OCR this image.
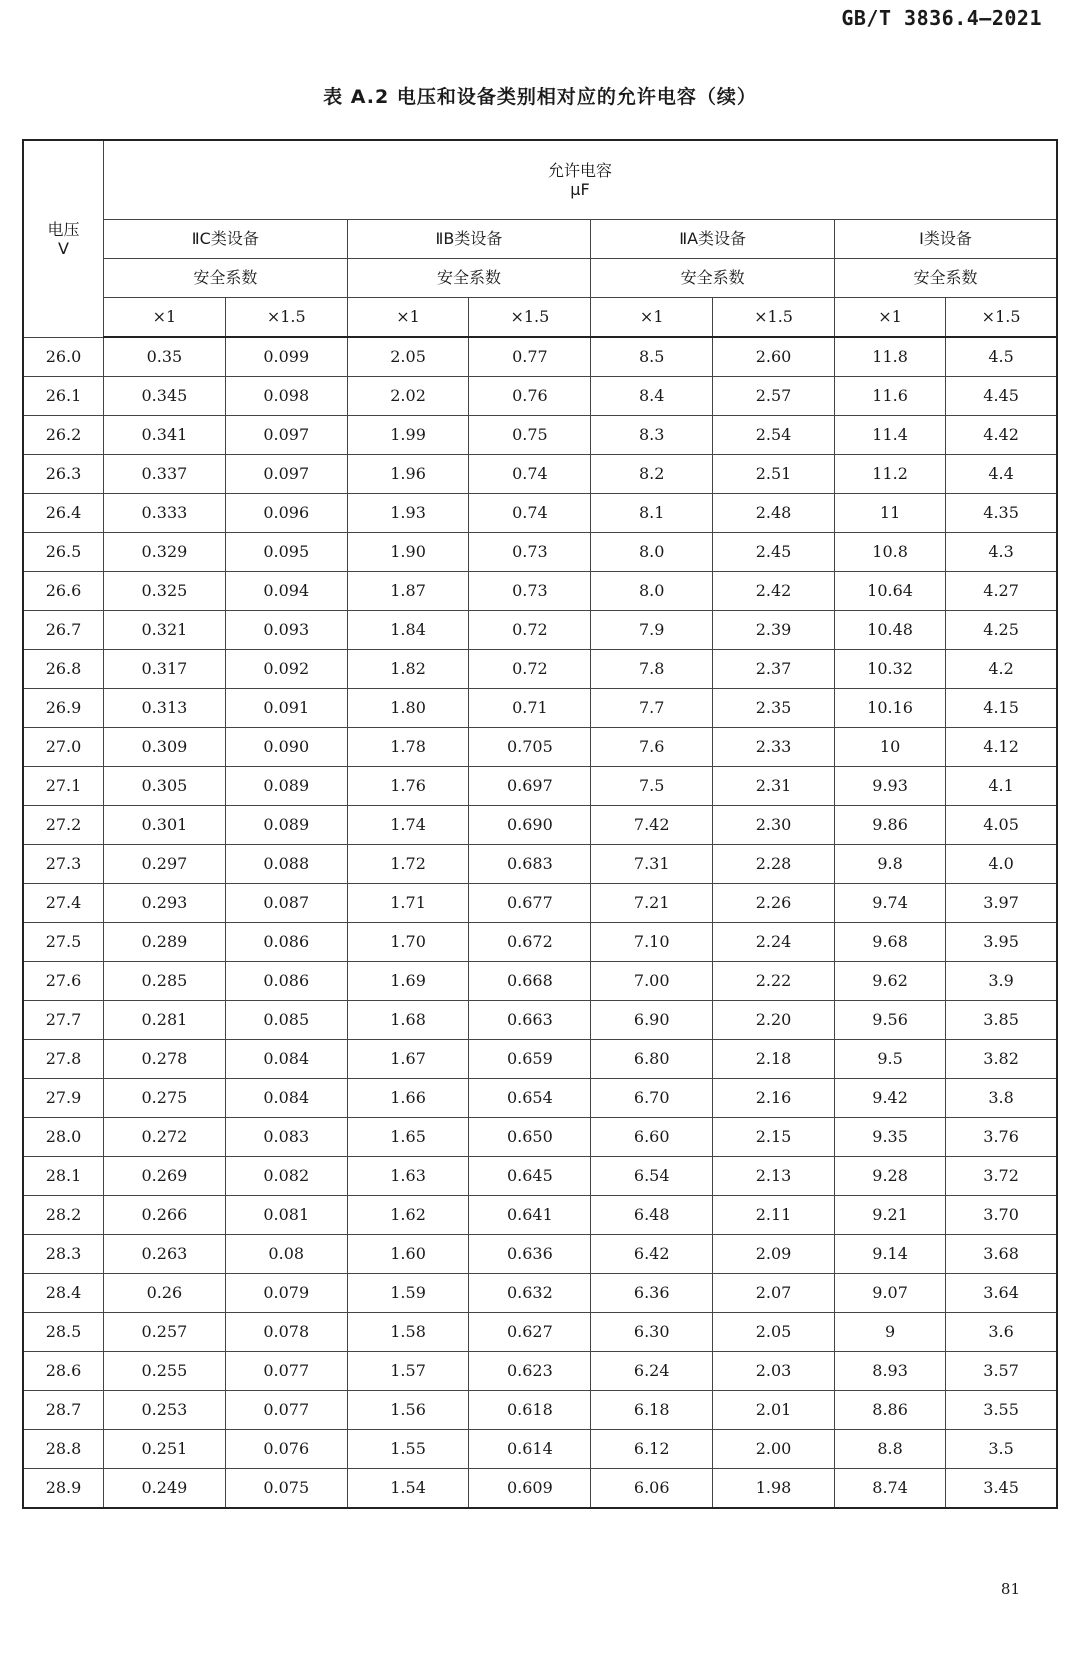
GB/T 3836.4—2021
表 A.2 电压和设备类别相对应的允许电容（续）
电压
V	允许电容
μF							

	ⅡC类设备		ⅡB类设备		ⅡA类设备		Ⅰ类设备	
	安全系数		安全系数		安全系数		安全系数	
	×1	×1.5	×1	×1.5	×1	×1.5	×1	×1.5
26.0	0.35	0.099	2.05	0.77	8.5	2.60	11.8	4.5
26.1	0.345	0.098	2.02	0.76	8.4	2.57	11.6	4.45
26.2	0.341	0.097	1.99	0.75	8.3	2.54	11.4	4.42
26.3	0.337	0.097	1.96	0.74	8.2	2.51	11.2	4.4
26.4	0.333	0.096	1.93	0.74	8.1	2.48	11	4.35
26.5	0.329	0.095	1.90	0.73	8.0	2.45	10.8	4.3
26.6	0.325	0.094	1.87	0.73	8.0	2.42	10.64	4.27
26.7	0.321	0.093	1.84	0.72	7.9	2.39	10.48	4.25
26.8	0.317	0.092	1.82	0.72	7.8	2.37	10.32	4.2
26.9	0.313	0.091	1.80	0.71	7.7	2.35	10.16	4.15
27.0	0.309	0.090	1.78	0.705	7.6	2.33	10	4.12
27.1	0.305	0.089	1.76	0.697	7.5	2.31	9.93	4.1
27.2	0.301	0.089	1.74	0.690	7.42	2.30	9.86	4.05
27.3	0.297	0.088	1.72	0.683	7.31	2.28	9.8	4.0
27.4	0.293	0.087	1.71	0.677	7.21	2.26	9.74	3.97
27.5	0.289	0.086	1.70	0.672	7.10	2.24	9.68	3.95
27.6	0.285	0.086	1.69	0.668	7.00	2.22	9.62	3.9
27.7	0.281	0.085	1.68	0.663	6.90	2.20	9.56	3.85
27.8	0.278	0.084	1.67	0.659	6.80	2.18	9.5	3.82
27.9	0.275	0.084	1.66	0.654	6.70	2.16	9.42	3.8
28.0	0.272	0.083	1.65	0.650	6.60	2.15	9.35	3.76
28.1	0.269	0.082	1.63	0.645	6.54	2.13	9.28	3.72
28.2	0.266	0.081	1.62	0.641	6.48	2.11	9.21	3.70
28.3	0.263	0.08	1.60	0.636	6.42	2.09	9.14	3.68
28.4	0.26	0.079	1.59	0.632	6.36	2.07	9.07	3.64
28.5	0.257	0.078	1.58	0.627	6.30	2.05	9	3.6
28.6	0.255	0.077	1.57	0.623	6.24	2.03	8.93	3.57
28.7	0.253	0.077	1.56	0.618	6.18	2.01	8.86	3.55
28.8	0.251	0.076	1.55	0.614	6.12	2.00	8.8	3.5
28.9	0.249	0.075	1.54	0.609	6.06	1.98	8.74	3.45
81
